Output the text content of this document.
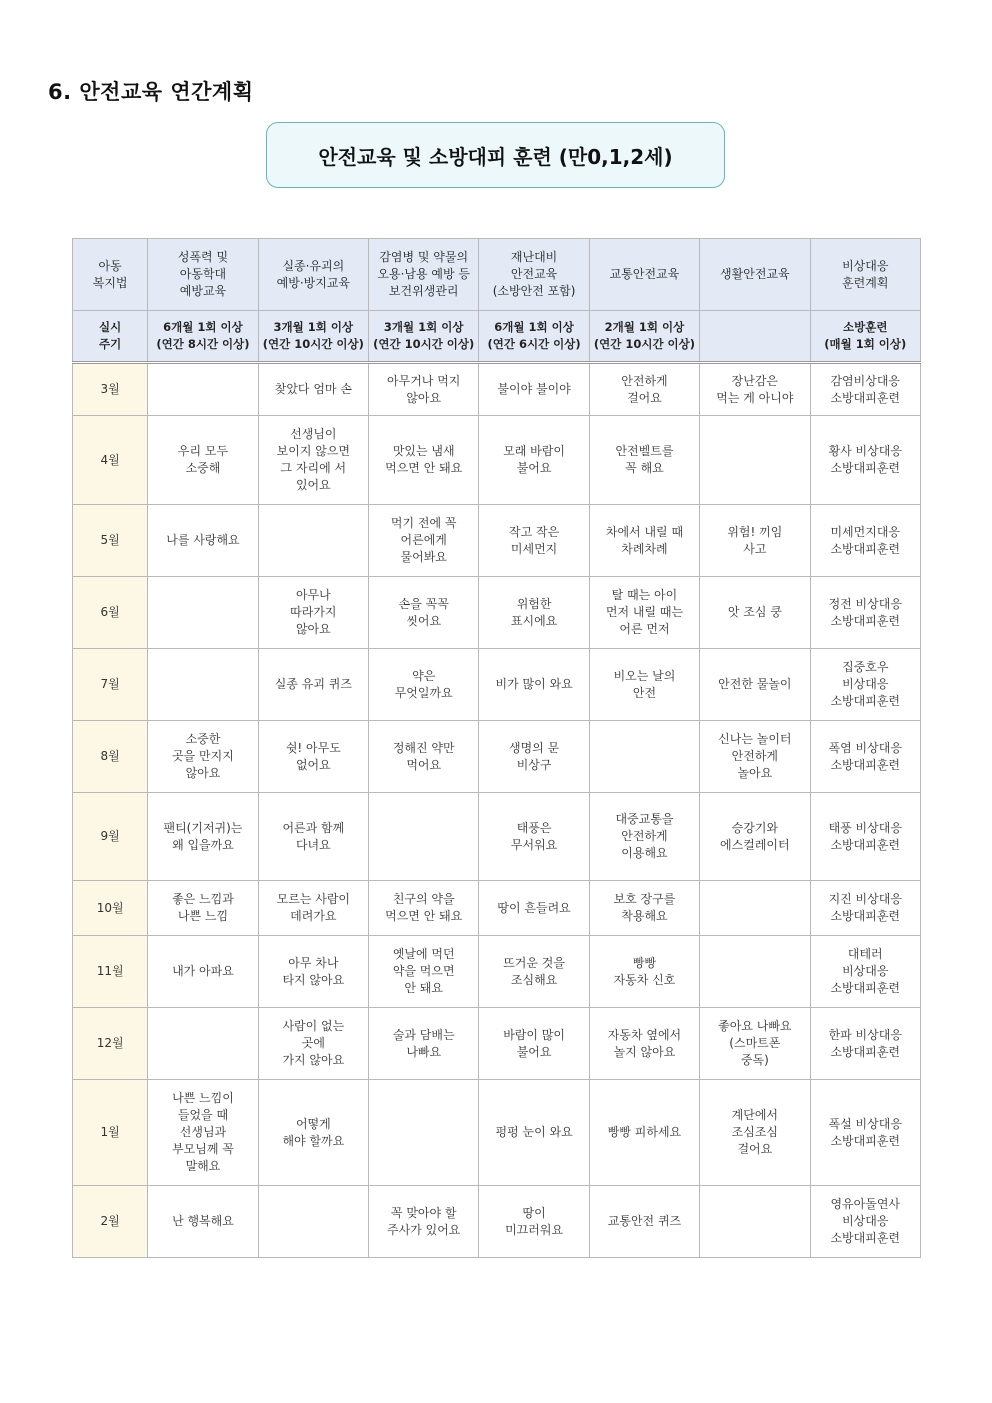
6. 안전교육 연간계획
안전교육 및 소방대피 훈련 (만0,1,2세)
아동
복지법	성폭력 및
아동학대
예방교육	실종·유괴의
예방·방지교육	감염병 및 약물의
오용·남용 예방 등
보건위생관리	재난대비
안전교육
(소방안전 포함)	교통안전교육	생활안전교육	비상대응
훈련계획
실시
주기	6개월 1회 이상
(연간 8시간 이상)	3개월 1회 이상
(연간 10시간 이상)	3개월 1회 이상
(연간 10시간 이상)	6개월 1회 이상
(연간 6시간 이상)	2개월 1회 이상
(연간 10시간 이상)		소방훈련
(매월 1회 이상)
3월		찾았다 엄마 손	아무거나 먹지
않아요	불이야 불이야	안전하게
걸어요	장난감은
먹는 게 아니야	감염비상대응
소방대피훈련
4월	우리 모두
소중해	선생님이
보이지 않으면
그 자리에 서
있어요	맛있는 냄새
먹으면 안 돼요	모래 바람이
불어요	안전벨트를
꼭 해요		황사 비상대응
소방대피훈련
5월	나를 사랑해요		먹기 전에 꼭
어른에게
물어봐요	작고 작은
미세먼지	차에서 내릴 때
차례차례	위험! 끼임
사고	미세먼지대응
소방대피훈련
6월		아무나
따라가지
않아요	손을 꼭꼭
씻어요	위험한
표시에요	탈 때는 아이
먼저 내릴 때는
어른 먼저	앗 조심 쿵	정전 비상대응
소방대피훈련
7월		실종 유괴 퀴즈	약은
무엇일까요	비가 많이 와요	비오는 날의
안전	안전한 물놀이	집중호우
비상대응
소방대피훈련
8월	소중한
곳을 만지지
않아요	쉿! 아무도
없어요	정해진 약만
먹어요	생명의 문
비상구		신나는 놀이터
안전하게
놀아요	폭염 비상대응
소방대피훈련
9월	팬티(기저귀)는
왜 입을까요	어른과 함께
다녀요		태풍은
무서워요	대중교통을
안전하게
이용해요	승강기와
에스컬레이터	태풍 비상대응
소방대피훈련
10월	좋은 느낌과
나쁜 느낌	모르는 사람이
데려가요	친구의 약을
먹으면 안 돼요	땅이 흔들려요	보호 장구를
착용해요		지진 비상대응
소방대피훈련
11월	내가 아파요	아무 차나
타지 않아요	옛날에 먹던
약을 먹으면
안 돼요	뜨거운 것을
조심해요	빵빵
자동차 신호		대테러
비상대응
소방대피훈련
12월		사람이 없는
곳에
가지 않아요	술과 담배는
나빠요	바람이 많이
불어요	자동차 옆에서
놀지 않아요	좋아요 나빠요
(스마트폰
중독)	한파 비상대응
소방대피훈련
1월	나쁜 느낌이
들었을 때
선생님과
부모님께 꼭
말해요	어떻게
해야 할까요		펑펑 눈이 와요	빵빵 피하세요	계단에서
조심조심
걸어요	폭설 비상대응
소방대피훈련
2월	난 행복해요		꼭 맞아야 할
주사가 있어요	땅이
미끄러워요	교통안전 퀴즈		영유아돌연사
비상대응
소방대피훈련
